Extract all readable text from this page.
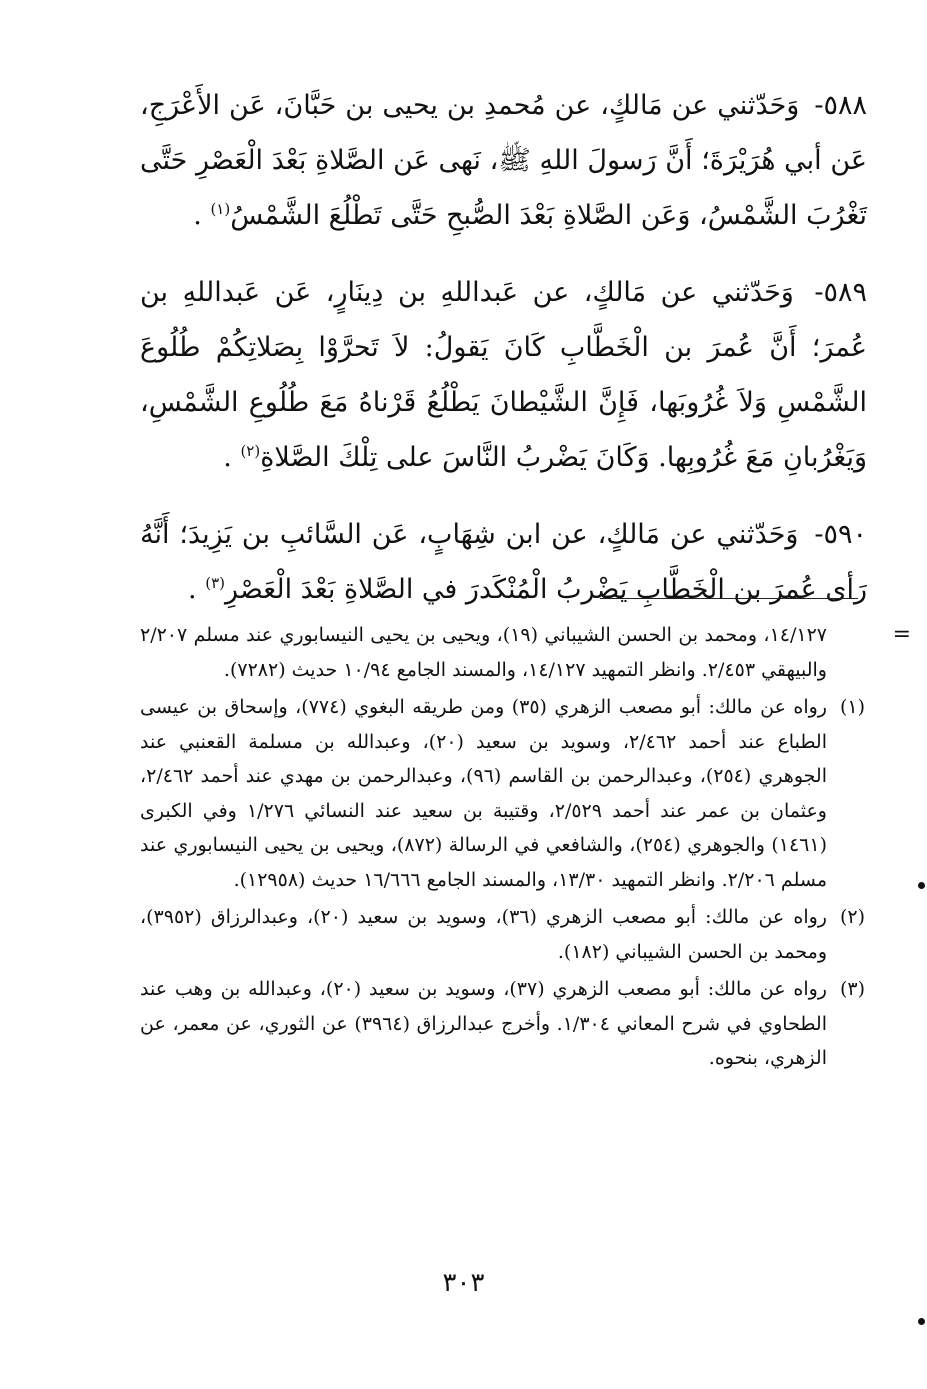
٥٨٨- وَحَدّثني عن مَالكٍ، عن مُحمدِ بن يحيى بن حَبَّانَ، عَن الأَعْرَجِ، عَن أبي هُرَيْرَةَ؛ أَنَّ رَسولَ اللهِ ﷺ، نَهى عَن الصَّلاةِ بَعْدَ الْعَصْرِ حَتَّى تَغْرُبَ الشَّمْسُ، وَعَن الصَّلاةِ بَعْدَ الصُّبحِ حَتَّى تَطْلُعَ الشَّمْسُ$^{(١)}$ .

٥٨٩- وَحَدّثني عن مَالكٍ، عن عَبداللهِ بن دِينَارٍ، عَن عَبداللهِ بن عُمرَ؛ أَنَّ عُمرَ بن الْخَطَّابِ كَانَ يَقولُ: لاَ تَحرَّوْا بِصَلاتِكُمْ طُلُوعَ الشَّمْسِ وَلاَ غُرُوبَها، فَإِنَّ الشَّيْطانَ يَطْلُعُ قَرْناهُ مَعَ طُلُوعِ الشَّمْسِ، وَيَغْرُبانِ مَعَ غُرُوبِها. وَكَانَ يَضْربُ النَّاسَ على تِلْكَ الصَّلاةِ$^{(٢)}$ .

٥٩٠- وَحَدّثني عن مَالكٍ، عن ابن شِهَابٍ، عَن السَّائبِ بن يَزِيدَ؛ أَنَّهُ رَأى عُمرَ بن الْخَطَّابِ يَضْربُ الْمُنْكَدرَ في الصَّلاةِ بَعْدَ الْعَصْرِ$^{(٣)}$ .

=
١٤/١٢٧، ومحمد بن الحسن الشيباني (١٩)، ويحيى بن يحيى النيسابوري عند مسلم ٢/٢٠٧ والبيهقي ٢/٤٥٣. وانظر التمهيد ١٤/١٢٧، والمسند الجامع ١٠/٩٤ حديث (٧٢٨٢).
(١)
رواه عن مالك: أبو مصعب الزهري (٣٥) ومن طريقه البغوي (٧٧٤)، وإسحاق بن عيسى الطباع عند أحمد ٢/٤٦٢، وسويد بن سعيد (٢٠)، وعبدالله بن مسلمة القعنبي عند الجوهري (٢٥٤)، وعبدالرحمن بن القاسم (٩٦)، وعبدالرحمن بن مهدي عند أحمد ٢/٤٦٢، وعثمان بن عمر عند أحمد ٢/٥٢٩، وقتيبة بن سعيد عند النسائي ١/٢٧٦ وفي الكبرى (١٤٦١) والجوهري (٢٥٤)، والشافعي في الرسالة (٨٧٢)، ويحيى بن يحيى النيسابوري عند مسلم ٢/٢٠٦. وانظر التمهيد ١٣/٣٠، والمسند الجامع ١٦/٦٦٦ حديث (١٢٩٥٨).
(٢)
رواه عن مالك: أبو مصعب الزهري (٣٦)، وسويد بن سعيد (٢٠)، وعبدالرزاق (٣٩٥٢)، ومحمد بن الحسن الشيباني (١٨٢).
(٣)
رواه عن مالك: أبو مصعب الزهري (٣٧)، وسويد بن سعيد (٢٠)، وعبدالله بن وهب عند الطحاوي في شرح المعاني ١/٣٠٤. وأخرج عبدالرزاق (٣٩٦٤) عن الثوري، عن معمر، عن الزهري، بنحوه.
٣٠٣
